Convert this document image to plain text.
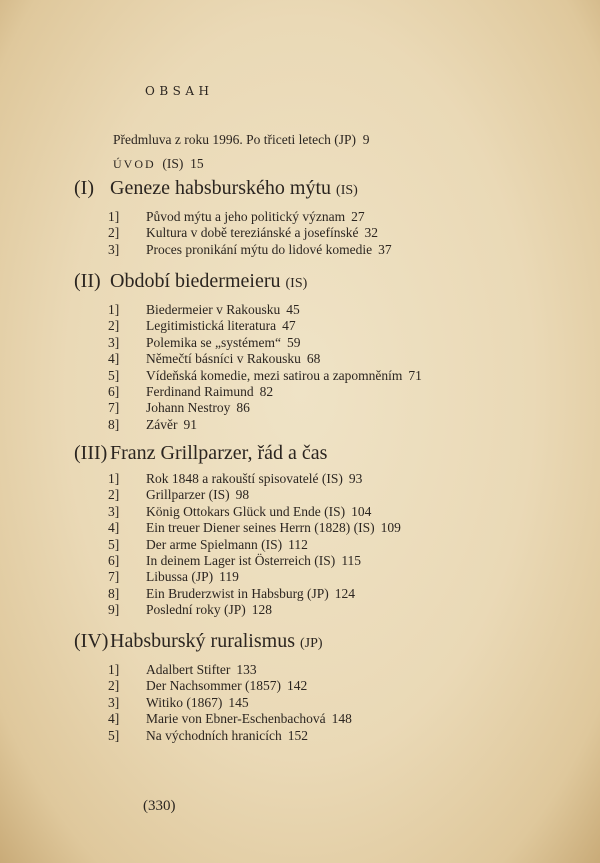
OBSAH
Předmluva z roku 1996. Po třiceti letech (JP) 9
ÚVOD (IS) 15
(I) Geneze habsburského mýtu (IS)
1] Původ mýtu a jeho politický význam 27
2] Kultura v době tereziánské a josefínské 32
3] Proces pronikání mýtu do lidové komedie 37
(II) Období biedermeieru (IS)
1] Biedermeier v Rakousku 45
2] Legitimistická literatura 47
3] Polemika se „systémem“ 59
4] Němečtí básníci v Rakousku 68
5] Vídeňská komedie, mezi satirou a zapomněním 71
6] Ferdinand Raimund 82
7] Johann Nestroy 86
8] Závěr 91
(III) Franz Grillparzer, řád a čas
1] Rok 1848 a rakouští spisovatelé (IS) 93
2] Grillparzer (IS) 98
3] König Ottokars Glück und Ende (IS) 104
4] Ein treuer Diener seines Herrn (1828) (IS) 109
5] Der arme Spielmann (IS) 112
6] In deinem Lager ist Österreich (IS) 115
7] Libussa (JP) 119
8] Ein Bruderzwist in Habsburg (JP) 124
9] Poslední roky (JP) 128
(IV)Habsburský ruralismus (JP)
1] Adalbert Stifter 133
2] Der Nachsommer (1857) 142
3] Witiko (1867) 145
4] Marie von Ebner-Eschenbachová 148
5] Na východních hranicích 152
(330)
